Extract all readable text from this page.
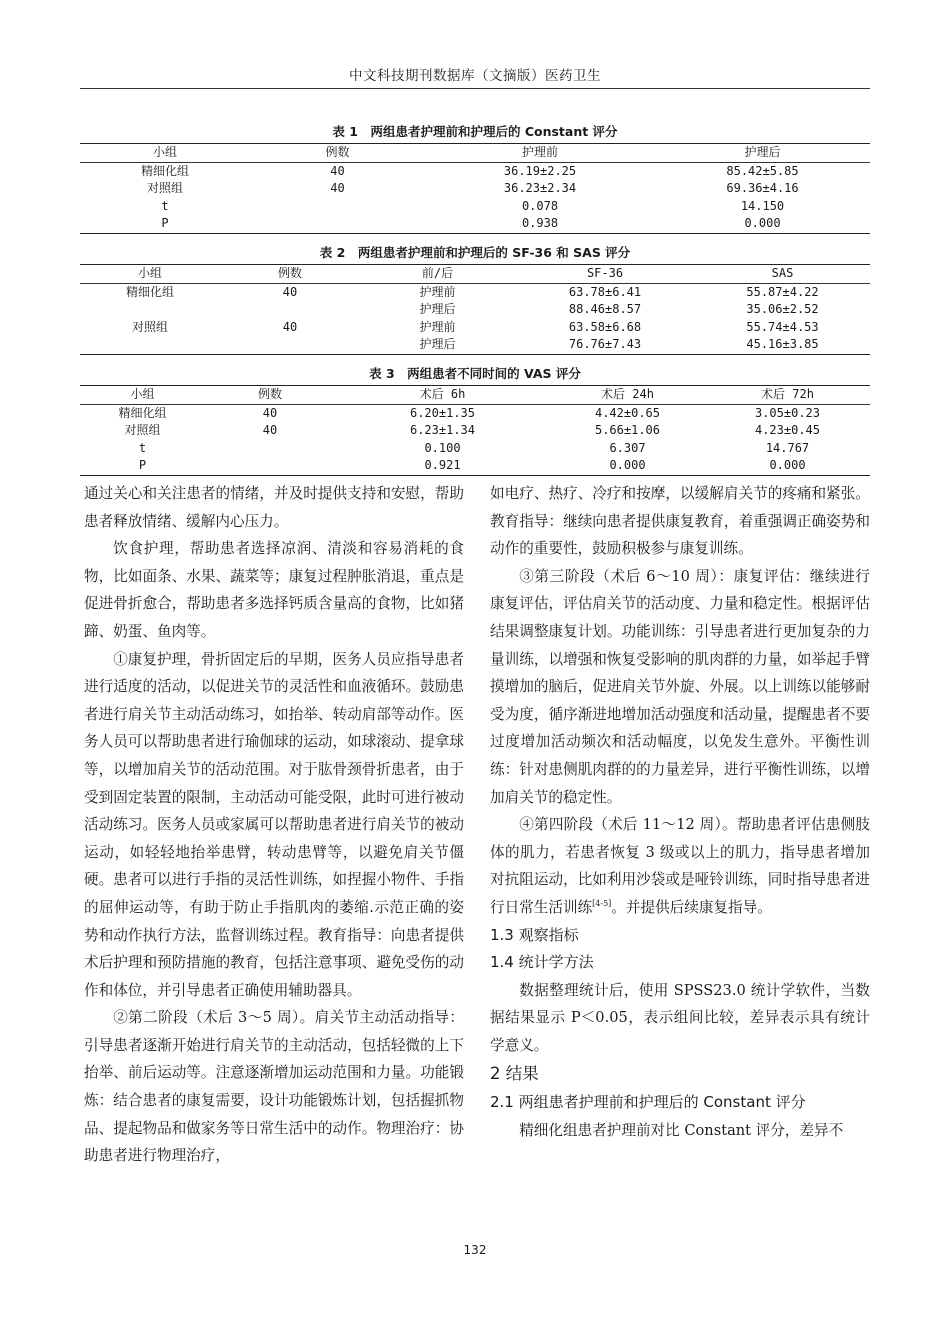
中文科技期刊数据库（文摘版）医药卫生
表 1　两组患者护理前和护理后的 Constant 评分
小组	例数	护理前	护理后
精细化组	40	36.19±2.25	85.42±5.85
对照组	40	36.23±2.34	69.36±4.16
t		0.078	14.150
P		0.938	0.000
表 2　两组患者护理前和护理后的 SF-36 和 SAS 评分
小组	例数	前/后	SF-36	SAS
精细化组	40	护理前	63.78±6.41	55.87±4.22
		护理后	88.46±8.57	35.06±2.52
对照组	40	护理前	63.58±6.68	55.74±4.53
		护理后	76.76±7.43	45.16±3.85
表 3　两组患者不同时间的 VAS 评分
小组	例数	术后 6h	术后 24h	术后 72h
精细化组	40	6.20±1.35	4.42±0.65	3.05±0.23
对照组	40	6.23±1.34	5.66±1.06	4.23±0.45
t		0.100	6.307	14.767
P		0.921	0.000	0.000

通过关心和关注患者的情绪，并及时提供支持和安慰，帮助患者释放情绪、缓解内心压力。

饮食护理，帮助患者选择凉润、清淡和容易消耗的食物，比如面条、水果、蔬菜等；康复过程肿胀消退，重点是促进骨折愈合，帮助患者多选择钙质含量高的食物，比如猪蹄、奶蛋、鱼肉等。

①康复护理，骨折固定后的早期，医务人员应指导患者进行适度的活动，以促进关节的灵活性和血液循环。鼓励患者进行肩关节主动活动练习，如抬举、转动肩部等动作。医务人员可以帮助患者进行瑜伽球的运动，如球滚动、提拿球等，以增加肩关节的活动范围。对于肱骨颈骨折患者，由于受到固定装置的限制，主动活动可能受限，此时可进行被动活动练习。医务人员或家属可以帮助患者进行肩关节的被动运动，如轻轻地抬举患臂，转动患臂等，以避免肩关节僵硬。患者可以进行手指的灵活性训练，如捏握小物件、手指的屈伸运动等，有助于防止手指肌肉的萎缩.示范正确的姿势和动作执行方法，监督训练过程。教育指导：向患者提供术后护理和预防措施的教育，包括注意事项、避免受伤的动作和体位，并引导患者正确使用辅助器具。

②第二阶段（术后 3～5 周）。肩关节主动活动指导：引导患者逐渐开始进行肩关节的主动活动，包括轻微的上下抬举、前后运动等。注意逐渐增加运动范围和力量。功能锻炼：结合患者的康复需要，设计功能锻炼计划，包括握抓物品、提起物品和做家务等日常生活中的动作。物理治疗：协助患者进行物理治疗，

如电疗、热疗、冷疗和按摩，以缓解肩关节的疼痛和紧张。教育指导：继续向患者提供康复教育，着重强调正确姿势和动作的重要性，鼓励积极参与康复训练。

③第三阶段（术后 6～10 周）：康复评估：继续进行康复评估，评估肩关节的活动度、力量和稳定性。根据评估结果调整康复计划。功能训练：引导患者进行更加复杂的力量训练，以增强和恢复受影响的肌肉群的力量，如举起手臂摸增加的脑后，促进肩关节外旋、外展。以上训练以能够耐受为度，循序渐进地增加活动强度和活动量，提醒患者不要过度增加活动频次和活动幅度，以免发生意外。平衡性训练：针对患侧肌肉群的的力量差异，进行平衡性训练，以增加肩关节的稳定性。

④第四阶段（术后 11～12 周）。帮助患者评估患侧肢体的肌力，若患者恢复 3 级或以上的肌力，指导患者增加对抗阻运动，比如利用沙袋或是哑铃训练，同时指导患者进行日常生活训练[4-5]。并提供后续康复指导。

1.3 观察指标

1.4 统计学方法

数据整理统计后，使用 SPSS23.0 统计学软件，当数据结果显示 P＜0.05，表示组间比较，差异表示具有统计学意义。

2 结果

2.1 两组患者护理前和护理后的 Constant 评分

精细化组患者护理前对比 Constant 评分，差异不

132
